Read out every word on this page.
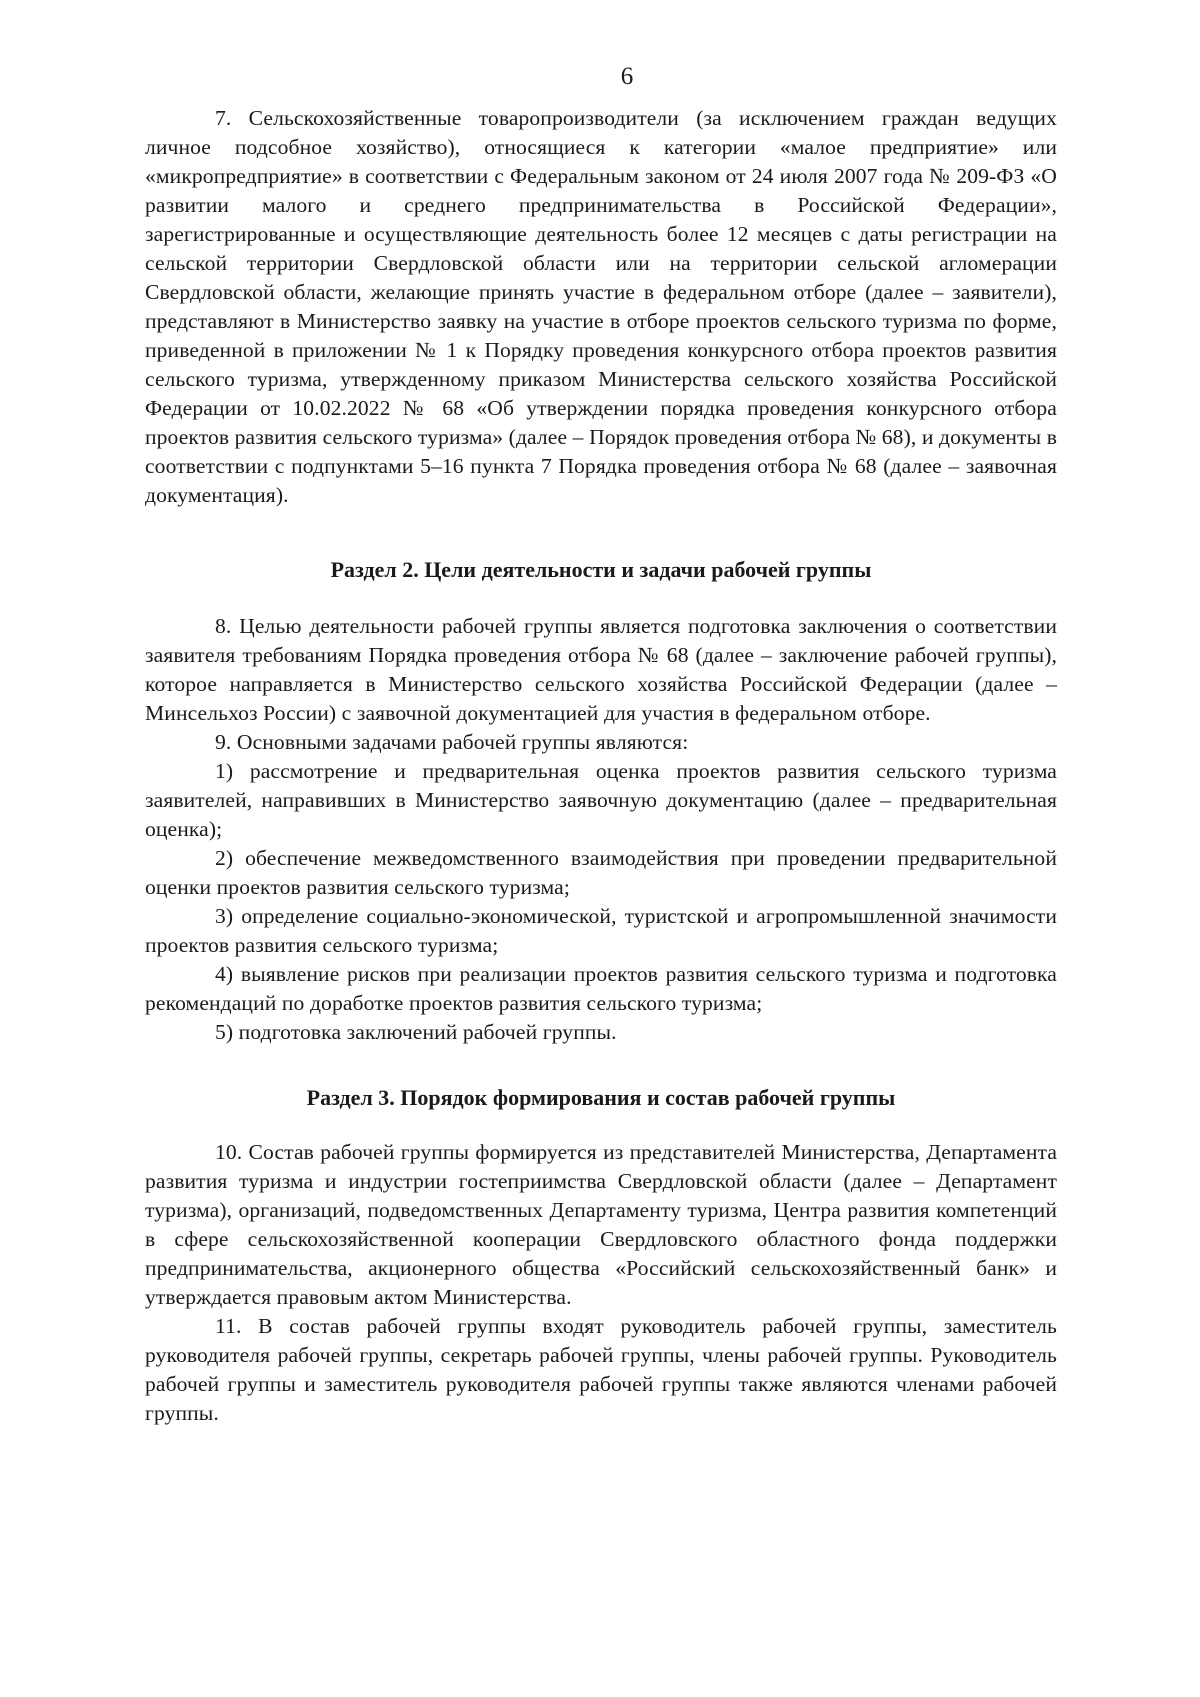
6

7. Сельскохозяйственные товаропроизводители (за исключением граждан ведущих личное подсобное хозяйство), относящиеся к категории «малое предприятие» или «микропредприятие» в соответствии с Федеральным законом от 24 июля 2007 года № 209-ФЗ «О развитии малого и среднего предпринимательства в Российской Федерации», зарегистрированные и осуществляющие деятельность более 12 месяцев с даты регистрации на сельской территории Свердловской области или на территории сельской агломерации Свердловской области, желающие принять участие в федеральном отборе (далее – заявители), представляют в Министерство заявку на участие в отборе проектов сельского туризма по форме, приведенной в приложении № 1 к Порядку проведения конкурсного отбора проектов развития сельского туризма, утвержденному приказом Министерства сельского хозяйства Российской Федерации от 10.02.2022 № 68 «Об утверждении порядка проведения конкурсного отбора проектов развития сельского туризма» (далее – Порядок проведения отбора № 68), и документы в соответствии с подпунктами 5–16 пункта 7 Порядка проведения отбора № 68 (далее – заявочная документация).

Раздел 2. Цели деятельности и задачи рабочей группы

8. Целью деятельности рабочей группы является подготовка заключения о соответствии заявителя требованиям Порядка проведения отбора № 68 (далее – заключение рабочей группы), которое направляется в Министерство сельского хозяйства Российской Федерации (далее – Минсельхоз России) с заявочной документацией для участия в федеральном отборе.

9. Основными задачами рабочей группы являются:

1) рассмотрение и предварительная оценка проектов развития сельского туризма заявителей, направивших в Министерство заявочную документацию (далее – предварительная оценка);

2) обеспечение межведомственного взаимодействия при проведении предварительной оценки проектов развития сельского туризма;

3) определение социально-экономической, туристской и агропромышленной значимости проектов развития сельского туризма;

4) выявление рисков при реализации проектов развития сельского туризма и подготовка рекомендаций по доработке проектов развития сельского туризма;

5) подготовка заключений рабочей группы.

Раздел 3. Порядок формирования и состав рабочей группы

10. Состав рабочей группы формируется из представителей Министерства, Департамента развития туризма и индустрии гостеприимства Свердловской области (далее – Департамент туризма), организаций, подведомственных Департаменту туризма, Центра развития компетенций в сфере сельскохозяйственной кооперации Свердловского областного фонда поддержки предпринимательства, акционерного общества «Российский сельскохозяйственный банк» и утверждается правовым актом Министерства.

11. В состав рабочей группы входят руководитель рабочей группы, заместитель руководителя рабочей группы, секретарь рабочей группы, члены рабочей группы. Руководитель рабочей группы и заместитель руководителя рабочей группы также являются членами рабочей группы.
